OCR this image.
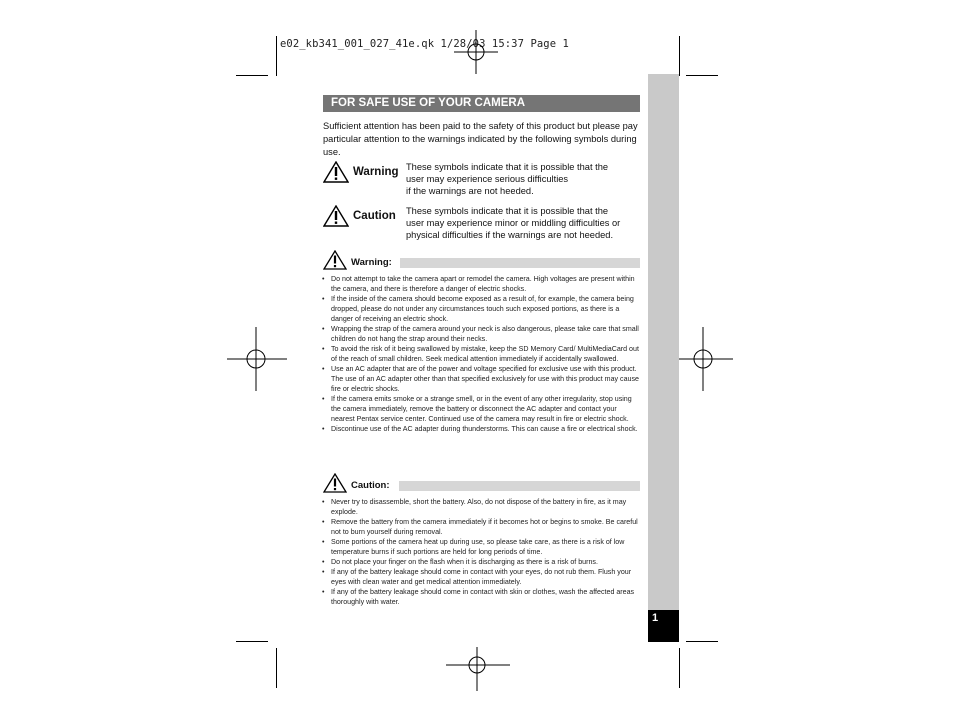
e02_kb341_001_027_41e.qk 1/28/03 15:37 Page 1
1
FOR SAFE USE OF YOUR CAMERA
Sufficient attention has been paid to the safety of this product but please pay particular attention to the warnings indicated by the following symbols during use.
Warning These symbols indicate that it is possible that the
user may experience serious difficulties
if the warnings are not heeded.
Caution These symbols indicate that it is possible that the
user may experience minor or middling difficulties or
physical difficulties if the warnings are not heeded.
Warning:
• Do not attempt to take the camera apart or remodel the camera. High voltages are present within the camera, and there is therefore a danger of electric shocks.
• If the inside of the camera should become exposed as a result of, for example, the camera being dropped, please do not under any circumstances touch such exposed portions, as there is a danger of receiving an electric shock.
• Wrapping the strap of the camera around your neck is also dangerous, please take care that small children do not hang the strap around their necks.
• To avoid the risk of it being swallowed by mistake, keep the SD Memory Card/ MultiMediaCard out of the reach of small children. Seek medical attention immediately if accidentally swallowed.
• Use an AC adapter that are of the power and voltage specified for exclusive use with this product. The use of an AC adapter other than that specified exclusively for use with this product may cause fire or electric shocks.
• If the camera emits smoke or a strange smell, or in the event of any other irregularity, stop using the camera immediately, remove the battery or disconnect the AC adapter and contact your nearest Pentax service center. Continued use of the camera may result in fire or electric shock.
• Discontinue use of the AC adapter during thunderstorms. This can cause a fire or electrical shock.
Caution:
• Never try to disassemble, short the battery. Also, do not dispose of the battery in fire, as it may explode.
• Remove the battery from the camera immediately if it becomes hot or begins to smoke. Be careful not to burn yourself during removal.
• Some portions of the camera heat up during use, so please take care, as there is a risk of low temperature burns if such portions are held for long periods of time.
• Do not place your finger on the flash when it is discharging as there is a risk of burns.
• If any of the battery leakage should come in contact with your eyes, do not rub them. Flush your eyes with clean water and get medical attention immediately.
• If any of the battery leakage should come in contact with skin or clothes, wash the affected areas thoroughly with water.
